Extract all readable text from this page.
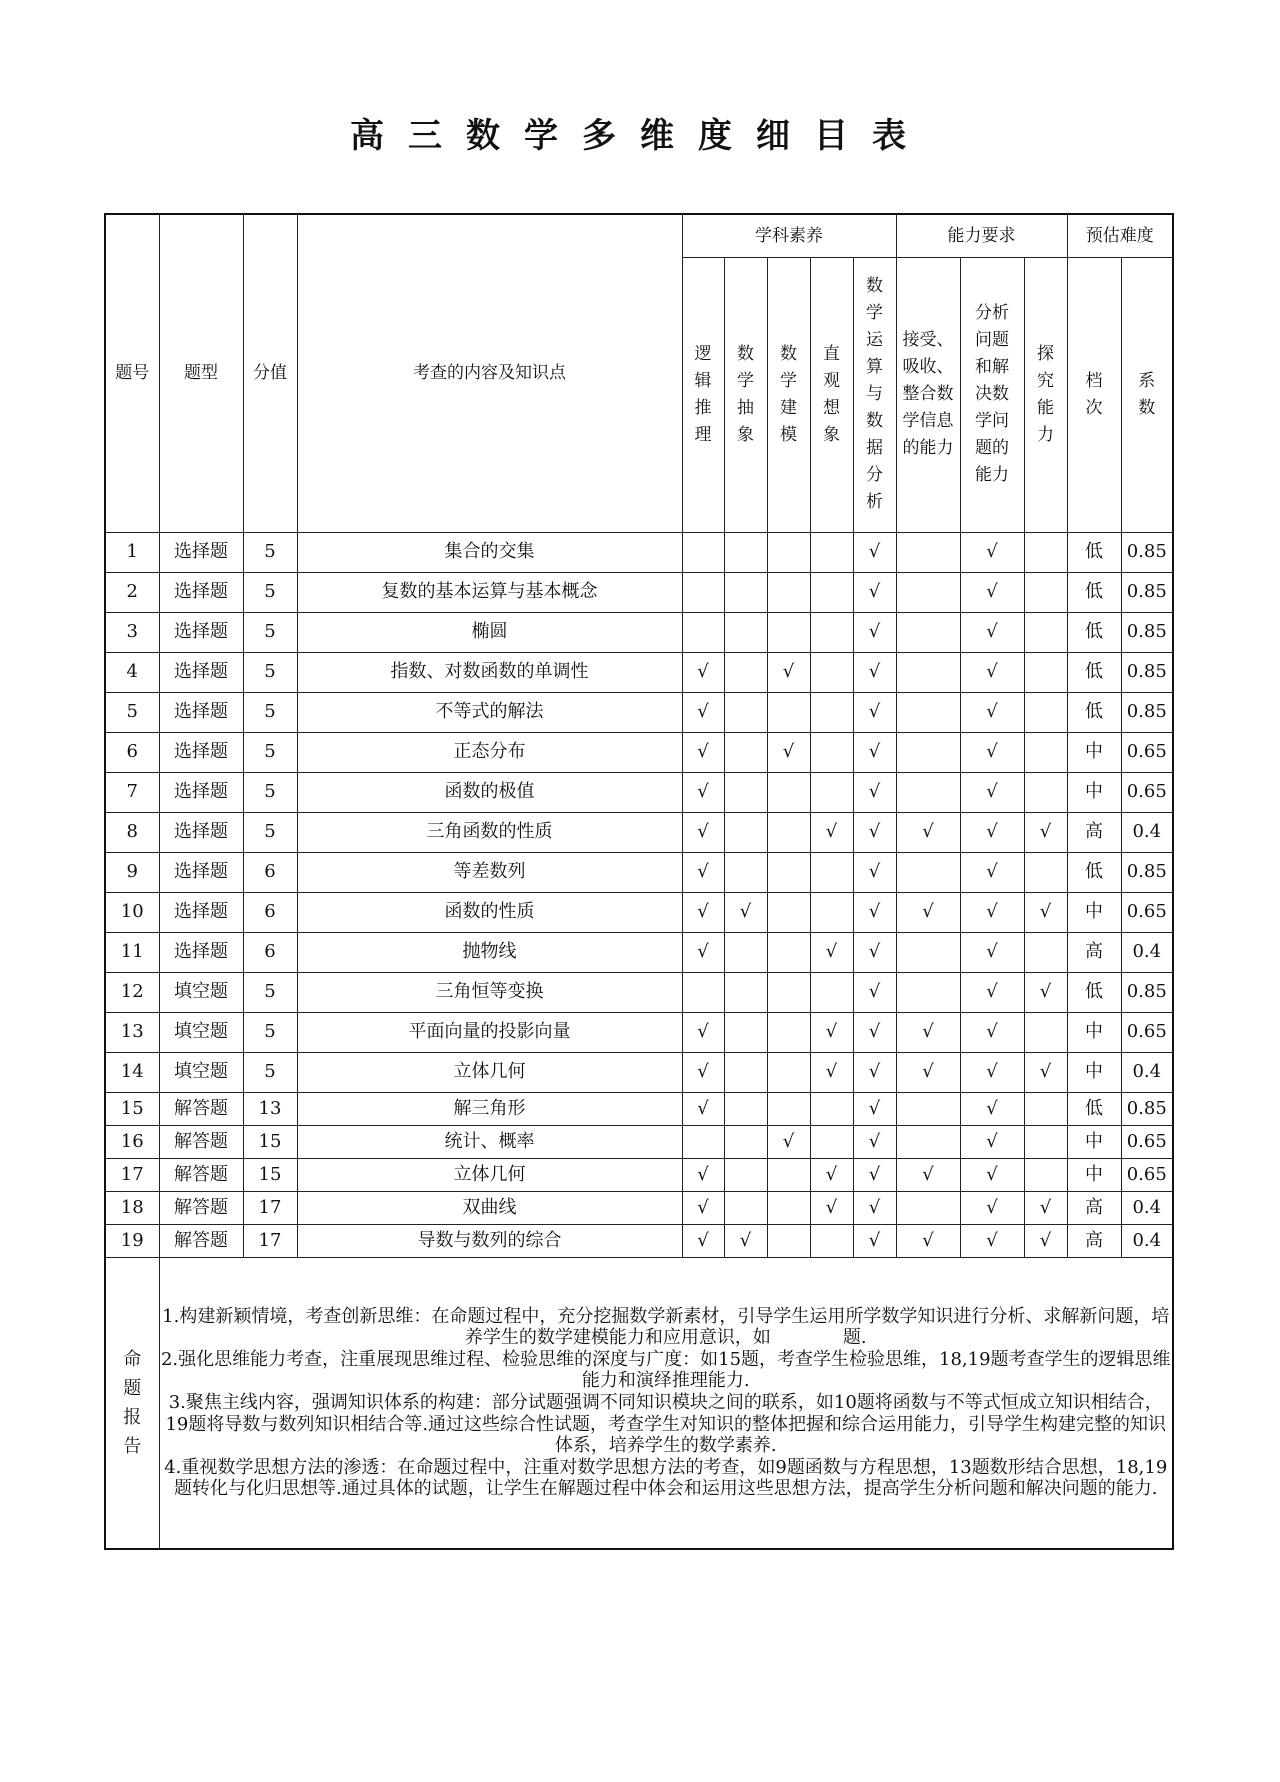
高三数学多维度细目表
题号	题型	分值	考查的内容及知识点	学科素养					能力要求			预估难度	
				逻辑推理	数学抽象	数学建模	直观想象	数学运算与数据分析	接受、吸收、整合数学信息的能力	分析问题和解决数学问题的能力	探究能力	档次	系数
1	选择题	5	集合的交集					√		√		低	0.85
2	选择题	5	复数的基本运算与基本概念					√		√		低	0.85
3	选择题	5	椭圆					√		√		低	0.85
4	选择题	5	指数、对数函数的单调性	√		√		√		√		低	0.85
5	选择题	5	不等式的解法	√				√		√		低	0.85
6	选择题	5	正态分布	√		√		√		√		中	0.65
7	选择题	5	函数的极值	√				√		√		中	0.65
8	选择题	5	三角函数的性质	√			√	√	√	√	√	高	0.4
9	选择题	6	等差数列	√				√		√		低	0.85
10	选择题	6	函数的性质	√	√			√	√	√	√	中	0.65
11	选择题	6	抛物线	√			√	√		√		高	0.4
12	填空题	5	三角恒等变换					√		√	√	低	0.85
13	填空题	5	平面向量的投影向量	√			√	√	√	√		中	0.65
14	填空题	5	立体几何	√			√	√	√	√	√	中	0.4
15	解答题	13	解三角形	√				√		√		低	0.85
16	解答题	15	统计、概率			√		√		√		中	0.65
17	解答题	15	立体几何	√			√	√	√	√		中	0.65
18	解答题	17	双曲线	√			√	√		√	√	高	0.4
19	解答题	17	导数与数列的综合	√	√			√	√	√	√	高	0.4
命题报告	1.构建新颖情境，考查创新思维：在命题过程中，充分挖掘数学新素材，引导学生运用所学数学知识进行分析、求解新问题，培养学生的数学建模能力和应用意识，如　　　　题.
2.强化思维能力考查，注重展现思维过程、检验思维的深度与广度：如15题，考查学生检验思维，18,19题考查学生的逻辑思维能力和演绎推理能力.
3.聚焦主线内容，强调知识体系的构建：部分试题强调不同知识模块之间的联系，如10题将函数与不等式恒成立知识相结合，19题将导数与数列知识相结合等.通过这些综合性试题，考查学生对知识的整体把握和综合运用能力，引导学生构建完整的知识体系，培养学生的数学素养.
4.重视数学思想方法的渗透：在命题过程中，注重对数学思想方法的考查，如9题函数与方程思想，13题数形结合思想，18,19题转化与化归思想等.通过具体的试题，让学生在解题过程中体会和运用这些思想方法，提高学生分析问题和解决问题的能力.												
